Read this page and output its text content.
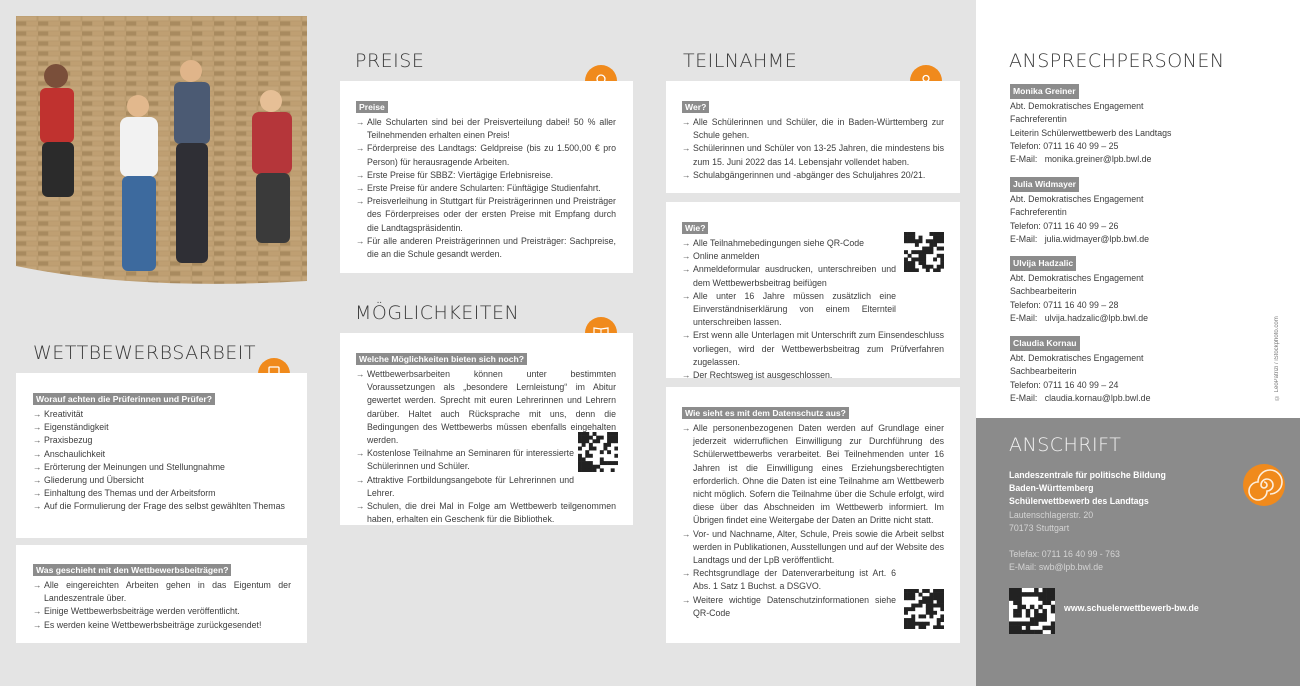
WETTBEWERBSARBEIT
Worauf achten die Prüferinnen und Prüfer?
→ Kreativität
→ Eigenständigkeit
→ Praxisbezug
→ Anschaulichkeit
→ Erörterung der Meinungen und Stellungnahme
→ Gliederung und Übersicht
→ Einhaltung des Themas und der Arbeitsform
→ Auf die Formulierung der Frage des selbst gewählten Themas
Was geschieht mit den Wettbewerbsbeiträgen?
→ Alle eingereichten Arbeiten gehen in das Eigentum der Landeszentrale über.
→ Einige Wettbewerbsbeiträge werden veröffentlicht.
→ Es werden keine Wettbewerbsbeiträge zurückgesendet!
PREISE
Preise
→ Alle Schularten sind bei der Preisverteilung dabei! 50 % aller Teilnehmenden erhalten einen Preis!
→ Förderpreise des Landtags: Geldpreise (bis zu 1.500,00 € pro Person) für herausragende Arbeiten.
→ Erste Preise für SBBZ: Viertägige Erlebnisreise.
→ Erste Preise für andere Schularten: Fünftägige Studienfahrt.
→ Preisverleihung in Stuttgart für Preisträgerinnen und Preisträger des Förderpreises oder der ersten Preise mit Empfang durch die Landtagspräsidentin.
→ Für alle anderen Preisträgerinnen und Preisträger: Sachpreise, die an die Schule gesandt werden.
MÖGLICHKEITEN
Welche Möglichkeiten bieten sich noch?
→ Wettbewerbsarbeiten können unter bestimmten Voraussetzungen als „besondere Lernleistung“ im Abitur gewertet werden. Sprecht mit euren Lehrerinnen und Lehrern darüber. Haltet auch Rücksprache mit uns, denn die Bedingungen des Wettbewerbs müssen ebenfalls eingehalten werden.
→ Kostenlose Teilnahme an Seminaren für interessierte Schülerinnen und Schüler.
→ Attraktive Fortbildungsangebote für Lehrerinnen und Lehrer.
→ Schulen, die drei Mal in Folge am Wettbewerb teilgenommen haben, erhalten ein Geschenk für die Bibliothek.
TEILNAHME
Wer?
→ Alle Schülerinnen und Schüler, die in Baden-Württemberg zur Schule gehen.
→ Schülerinnen und Schüler von 13-25 Jahren, die mindestens bis zum 15. Juni 2022 das 14. Lebensjahr vollendet haben.
→ Schulabgängerinnen und -abgänger des Schuljahres 20/21.
Wie?
→ Alle Teilnahmebedingungen siehe QR-Code
→ Online anmelden
→ Anmeldeformular ausdrucken, unterschreiben und dem Wettbewerbsbeitrag beifügen
→ Alle unter 16 Jahre müssen zusätzlich eine Einverständniserklärung von einem Elternteil unterschreiben lassen.
→ Erst wenn alle Unterlagen mit Unterschrift zum Einsendeschluss vorliegen, wird der Wettbewerbsbeitrag zum Prüfverfahren zugelassen.
→ Der Rechtsweg ist ausgeschlossen.
Wie sieht es mit dem Datenschutz aus?
→ Alle personenbezogenen Daten werden auf Grundlage einer jederzeit widerruflichen Einwilligung zur Durchführung des Schülerwettbewerbs verarbeitet. Bei Teilnehmenden unter 16 Jahren ist die Einwilligung eines Erziehungsberechtigten erforderlich. Ohne die Daten ist eine Teilnahme am Wettbewerb nicht möglich. Sofern die Teilnahme über die Schule erfolgt, wird diese über das Abschneiden im Wettbewerb informiert. Im Übrigen findet eine Weitergabe der Daten an Dritte nicht statt.
→ Vor- und Nachname, Alter, Schule, Preis sowie die Arbeit selbst werden in Publikationen, Ausstellungen und auf der Website des Landtags und der LpB veröffentlicht.
→ Rechtsgrundlage der Datenverarbeitung ist Art. 6 Abs. 1 Satz 1 Buchst. a DSGVO.
→ Weitere wichtige Datenschutzinformationen siehe QR-Code
ANSPRECHPERSONEN
Monika Greiner
Abt. Demokratisches Engagement
Fachreferentin
Leiterin Schülerwettbewerb des Landtags
Telefon: 0711 16 40 99 – 25
E-Mail:   monika.greiner@lpb.bwl.de
Julia Widmayer
Abt. Demokratisches Engagement
Fachreferentin
Telefon: 0711 16 40 99 – 26
E-Mail:   julia.widmayer@lpb.bwl.de
Ulvija Hadzalic
Abt. Demokratisches Engagement
Sachbearbeiterin
Telefon: 0711 16 40 99 – 28
E-Mail:   ulvija.hadzalic@lpb.bwl.de
Claudia Kornau
Abt. Demokratisches Engagement
Sachbearbeiterin
Telefon: 0711 16 40 99 – 24
E-Mail:   claudia.kornau@lpb.bwl.de	© LeoPatrizi / iStockphoto.com
ANSCHRIFT
Landeszentrale für politische Bildung
Baden-Württemberg
Schülerwettbewerb des Landtags
Lautenschlagerstr. 20
70173 Stuttgart
Telefax: 0711 16 40 99 - 763
E-Mail: swb@lpb.bwl.de
www.schuelerwettbewerb-bw.de
